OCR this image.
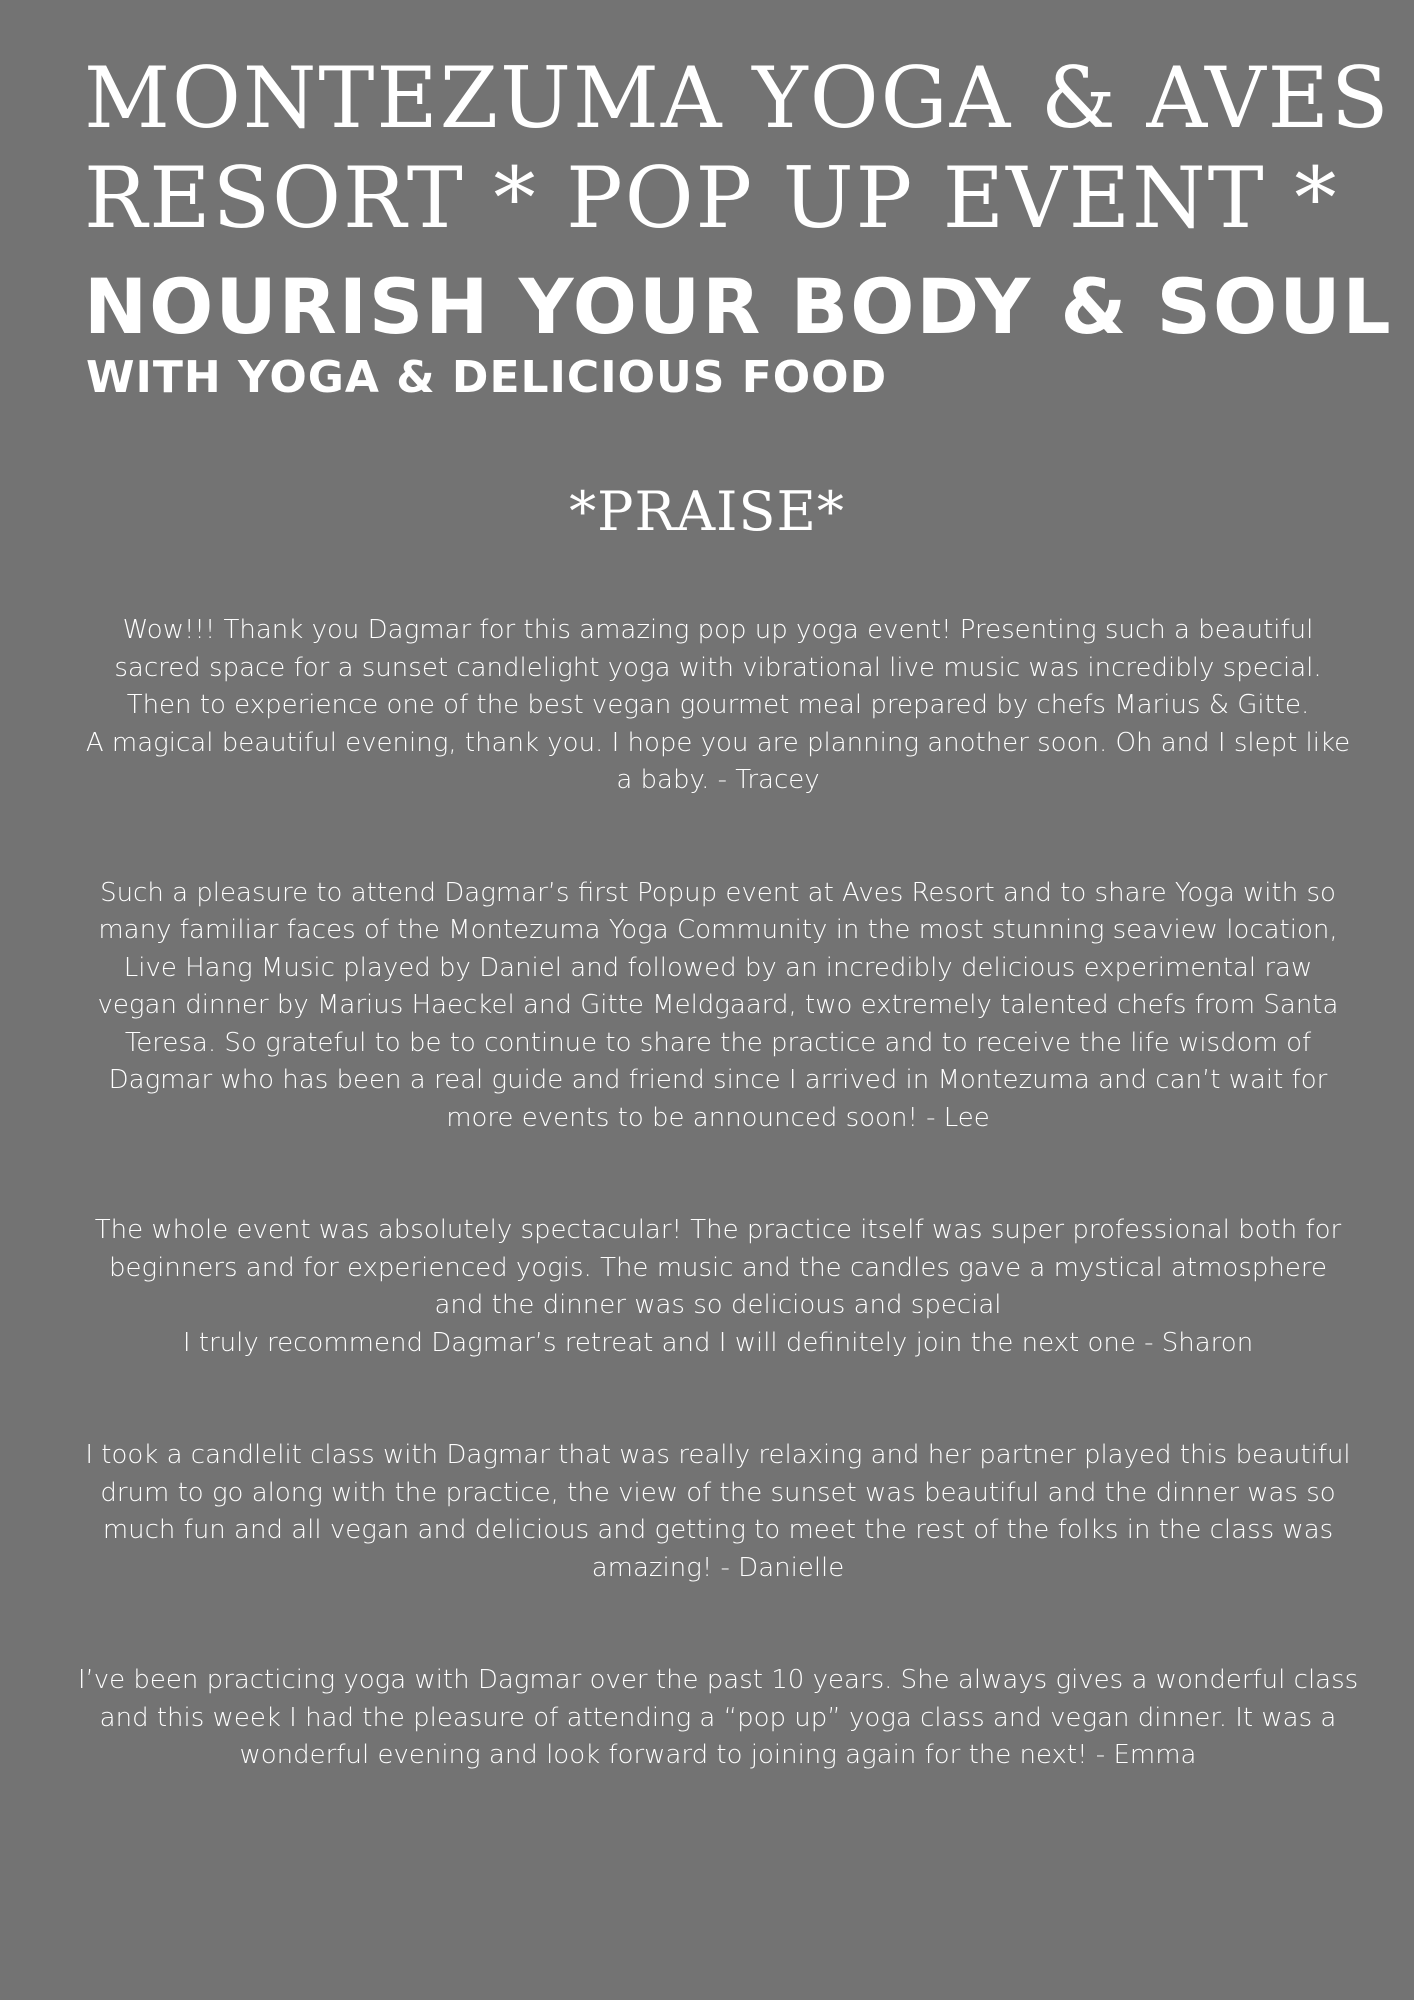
MONTEZUMA YOGA & AVES
RESORT * POP UP EVENT *
NOURISH YOUR BODY & SOUL
WITH YOGA & DELICIOUS FOOD
*PRAISE*

Wow!!! Thank you Dagmar for this amazing pop up yoga event! Presenting such a beautiful
sacred space for a sunset candlelight yoga with vibrational live music was incredibly special.
Then to experience one of the best vegan gourmet meal prepared by chefs Marius & Gitte.
A magical beautiful evening, thank you. I hope you are planning another soon. Oh and I slept like
a baby. - Tracey

Such a pleasure to attend Dagmar’s first Popup event at Aves Resort and to share Yoga with so
many familiar faces of the Montezuma Yoga Community in the most stunning seaview location,
Live Hang Music played by Daniel and followed by an incredibly delicious experimental raw
vegan dinner by Marius Haeckel and Gitte Meldgaard, two extremely talented chefs from Santa
Teresa. So grateful to be to continue to share the practice and to receive the life wisdom of
Dagmar who has been a real guide and friend since I arrived in Montezuma and can’t wait for
more events to be announced soon! - Lee

The whole event was absolutely spectacular! The practice itself was super professional both for
beginners and for experienced yogis. The music and the candles gave a mystical atmosphere
and the dinner was so delicious and special
I truly recommend Dagmar’s retreat and I will definitely join the next one - Sharon

I took a candlelit class with Dagmar that was really relaxing and her partner played this beautiful
drum to go along with the practice, the view of the sunset was beautiful and the dinner was so
much fun and all vegan and delicious and getting to meet the rest of the folks in the class was
amazing! - Danielle

I’ve been practicing yoga with Dagmar over the past 10 years. She always gives a wonderful class
and this week I had the pleasure of attending a “pop up” yoga class and vegan dinner. It was a
wonderful evening and look forward to joining again for the next! - Emma
